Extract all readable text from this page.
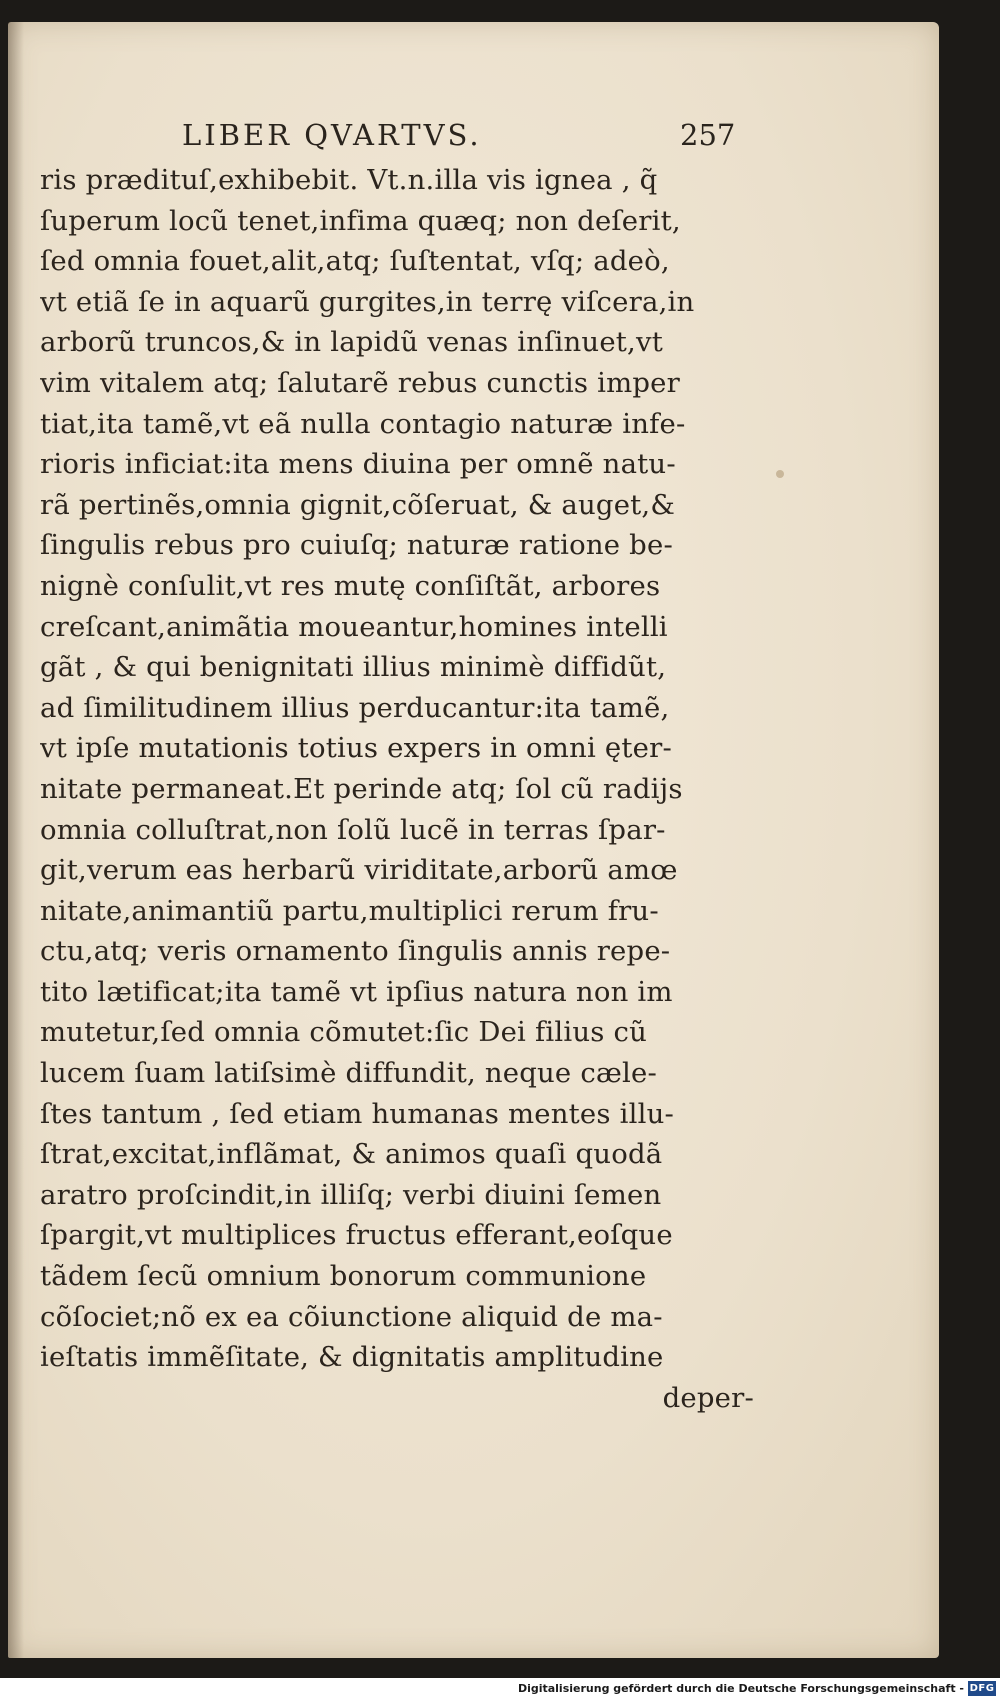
LIBER QVARTVS.	257
ris prædituſ,exhibebit. Vt.n.illa vis ignea , q̃
ſuperum locũ tenet,infima quæq; non deſerit,
ſed omnia fouet,alit,atq; ſuſtentat, vſq; adeò,
vt etiã ſe in aquarũ gurgites,in terrę viſcera,in
arborũ truncos,& in lapidũ venas inſinuet,vt
vim vitalem atq; ſalutarẽ rebus cunctis imper
tiat,ita tamẽ,vt eã nulla contagio naturæ infe-
rioris inficiat:ita mens diuina per omnẽ natu-
rã pertinẽs,omnia gignit,cõſeruat, & auget,&
ſingulis rebus pro cuiuſq; naturæ ratione be-
nignè conſulit,vt res mutę conſiſtãt, arbores
creſcant,animãtia moueantur,homines intelli
gãt , & qui benignitati illius minimè diffidũt,
ad ſimilitudinem illius perducantur:ita tamẽ,
vt ipſe mutationis totius expers in omni ęter-
nitate permaneat.Et perinde atq; ſol cũ radijs
omnia colluſtrat,non ſolũ lucẽ in terras ſpar-
git,verum eas herbarũ viriditate,arborũ amœ
nitate,animantiũ partu,multiplici rerum fru-
ctu,atq; veris ornamento ſingulis annis repe-
tito lætificat;ita tamẽ vt ipſius natura non im
mutetur,ſed omnia cõmutet:ſic Dei filius cũ
lucem ſuam latiſsimè diffundit, neque cæle-
ſtes tantum , ſed etiam humanas mentes illu-
ſtrat,excitat,inflãmat, & animos quaſi quodã
aratro proſcindit,in illiſq; verbi diuini ſemen
ſpargit,vt multiplices fructus efferant,eoſque
tãdem ſecũ omnium bonorum communione
cõſociet;nõ ex ea cõiunctione aliquid de ma-
ieſtatis immẽſitate, & dignitatis amplitudine
deper-
Digitalisierung gefördert durch die Deutsche Forschungsgemeinschaft - DFG
